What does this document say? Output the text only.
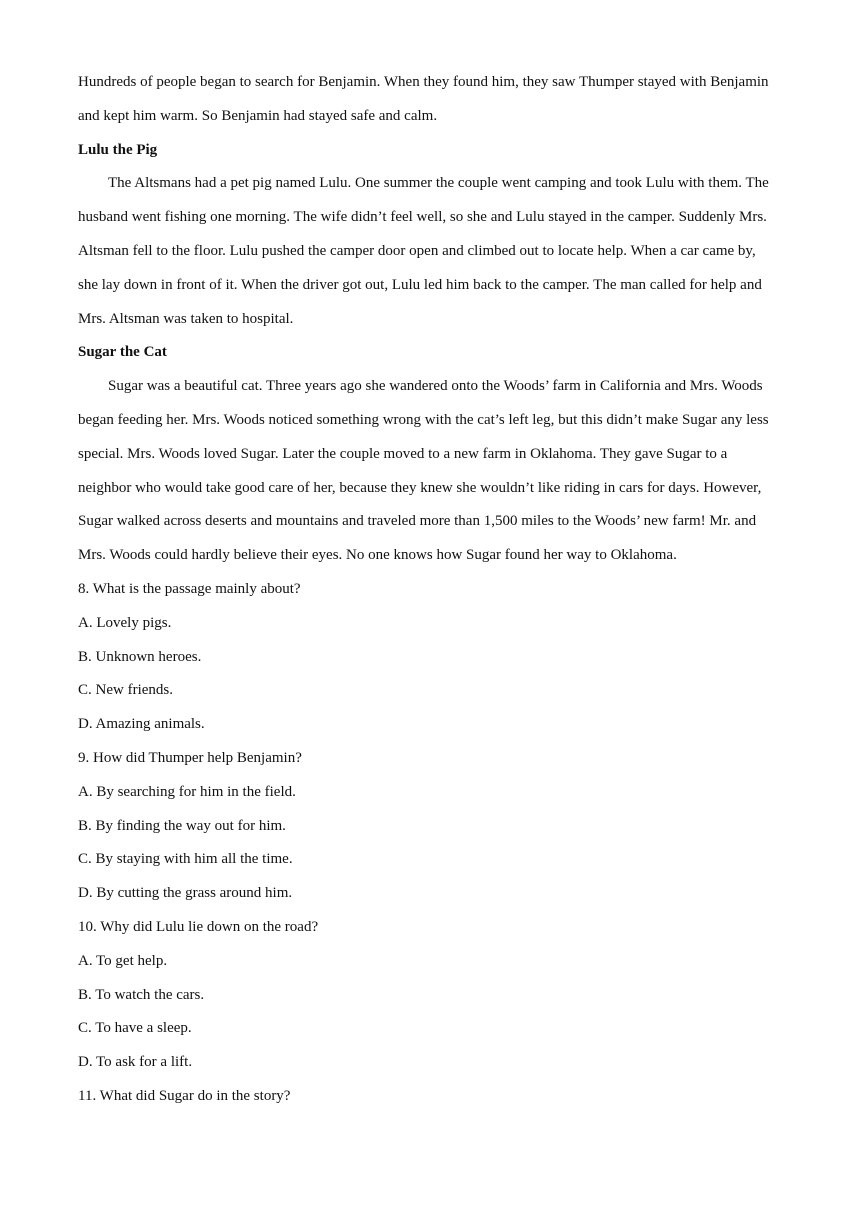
Hundreds of people began to search for Benjamin. When they found him, they saw Thumper stayed with Benjamin

and kept him warm. So Benjamin had stayed safe and calm.

Lulu the Pig

The Altsmans had a pet pig named Lulu. One summer the couple went camping and took Lulu with them. The

husband went fishing one morning. The wife didn’t feel well, so she and Lulu stayed in the camper. Suddenly Mrs.

Altsman fell to the floor. Lulu pushed the camper door open and climbed out to locate help. When a car came by,

she lay down in front of it. When the driver got out, Lulu led him back to the camper. The man called for help and

Mrs. Altsman was taken to hospital.

Sugar the Cat

Sugar was a beautiful cat. Three years ago she wandered onto the Woods’ farm in California and Mrs. Woods

began feeding her. Mrs. Woods noticed something wrong with the cat’s left leg, but this didn’t make Sugar any less

special. Mrs. Woods loved Sugar. Later the couple moved to a new farm in Oklahoma. They gave Sugar to a

neighbor who would take good care of her, because they knew she wouldn’t like riding in cars for days. However,

Sugar walked across deserts and mountains and traveled more than 1,500 miles to the Woods’ new farm! Mr. and

Mrs. Woods could hardly believe their eyes. No one knows how Sugar found her way to Oklahoma.

8. What is the passage mainly about?

A. Lovely pigs.

B. Unknown heroes.

C. New friends.

D. Amazing animals.

9. How did Thumper help Benjamin?

A. By searching for him in the field.

B. By finding the way out for him.

C. By staying with him all the time.

D. By cutting the grass around him.

10. Why did Lulu lie down on the road?

A. To get help.

B. To watch the cars.

C. To have a sleep.

D. To ask for a lift.

11. What did Sugar do in the story?
